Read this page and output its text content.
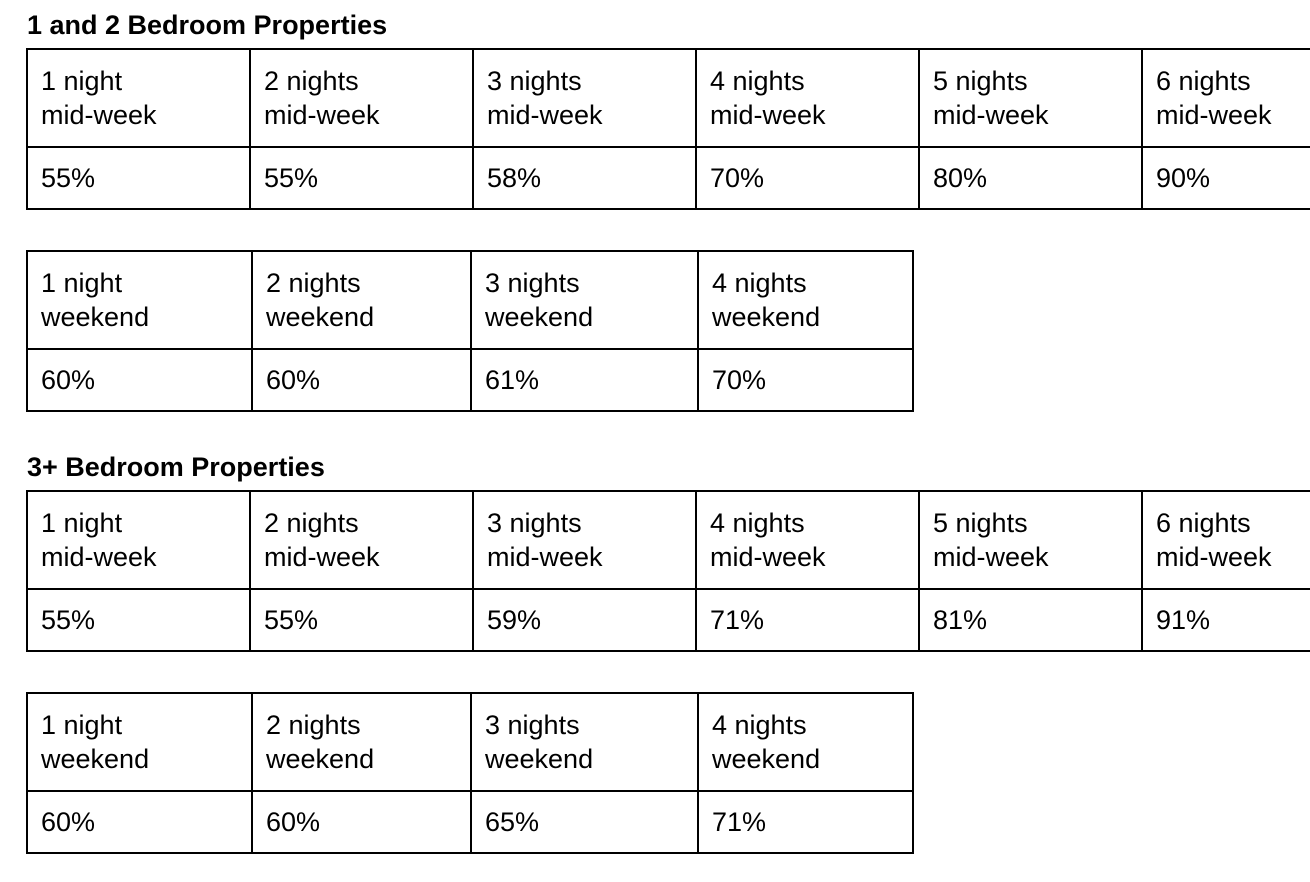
1 and 2 Bedroom Properties
1 night
mid-week	2 nights
mid-week	3 nights
mid-week	4 nights
mid-week	5 nights
mid-week	6 nights
mid-week

55%	55%	58%	70%	80%	90%
1 night
weekend	2 nights
weekend	3 nights
weekend	4 nights
weekend

60%	60%	61%	70%
3+ Bedroom Properties
1 night
mid-week	2 nights
mid-week	3 nights
mid-week	4 nights
mid-week	5 nights
mid-week	6 nights
mid-week

55%	55%	59%	71%	81%	91%
1 night
weekend	2 nights
weekend	3 nights
weekend	4 nights
weekend

60%	60%	65%	71%
